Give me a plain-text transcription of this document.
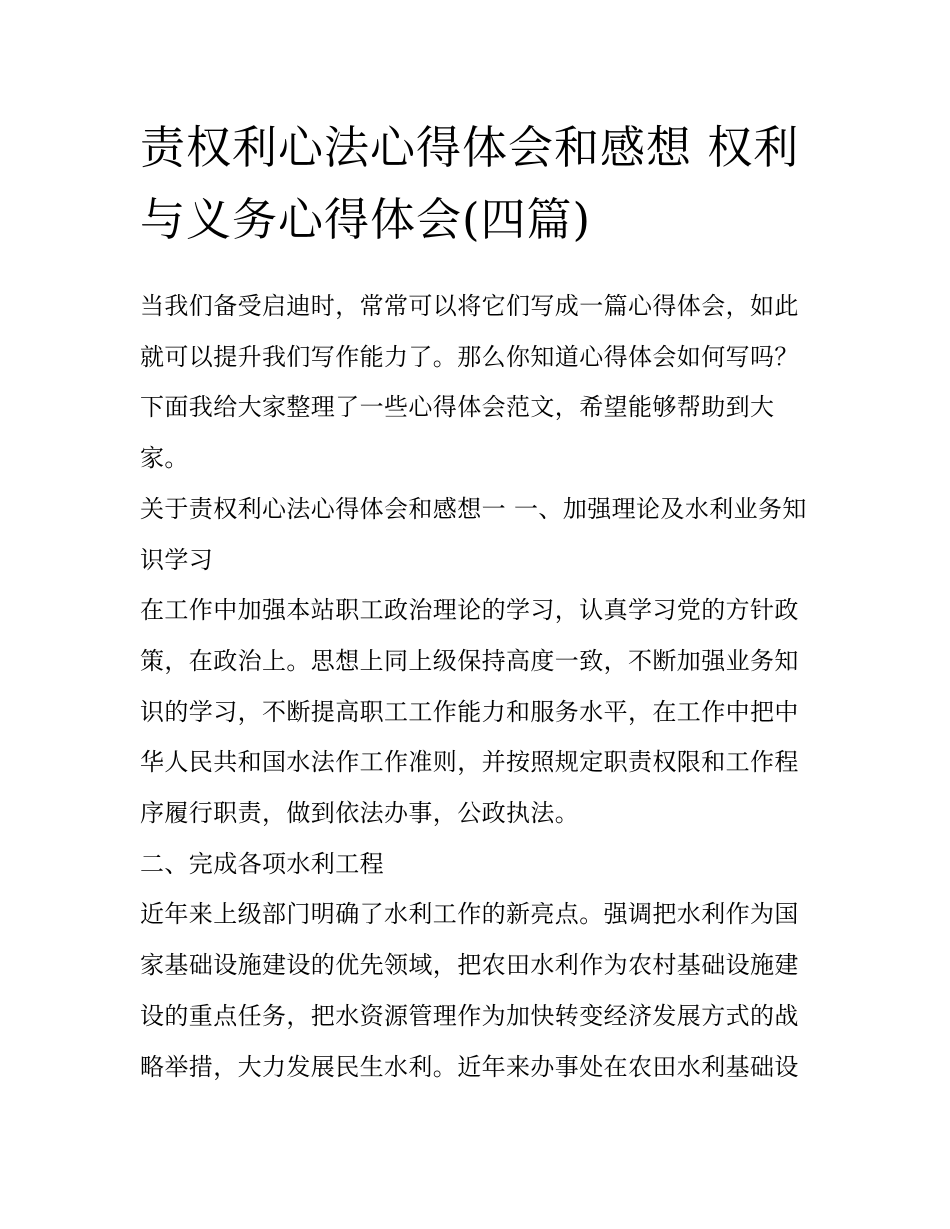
责权利心法心得体会和感想 权利与义务心得体会(四篇)

当我们备受启迪时，常常可以将它们写成一篇心得体会，如此就可以提升我们写作能力了。那么你知道心得体会如何写吗？下面我给大家整理了一些心得体会范文，希望能够帮助到大家。

关于责权利心法心得体会和感想一 一、加强理论及水利业务知识学习

在工作中加强本站职工政治理论的学习，认真学习党的方针政策，在政治上。思想上同上级保持高度一致，不断加强业务知识的学习，不断提高职工工作能力和服务水平，在工作中把中华人民共和国水法作工作准则，并按照规定职责权限和工作程序履行职责，做到依法办事，公政执法。

二、完成各项水利工程

近年来上级部门明确了水利工作的新亮点。强调把水利作为国家基础设施建设的优先领域，把农田水利作为农村基础设施建设的重点任务，把水资源管理作为加快转变经济发展方式的战略举措，大力发展民生水利。近年来办事处在农田水利基础设
